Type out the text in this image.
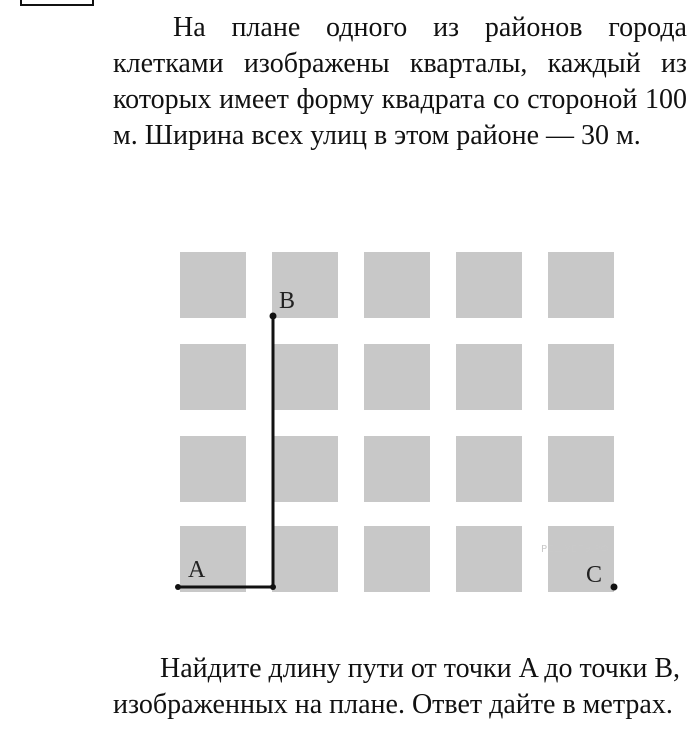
На плане одного из районов города клетками изображены кварталы, каждый из которых имеет форму квадрата со стороной 100 м. Ширина всех улиц в этом районе — 30 м.

A
B
C
РЕШУЕГЭ.РФ

Найдите длину пути от точки A до точки B, изображенных на плане. Ответ дайте в метрах.
